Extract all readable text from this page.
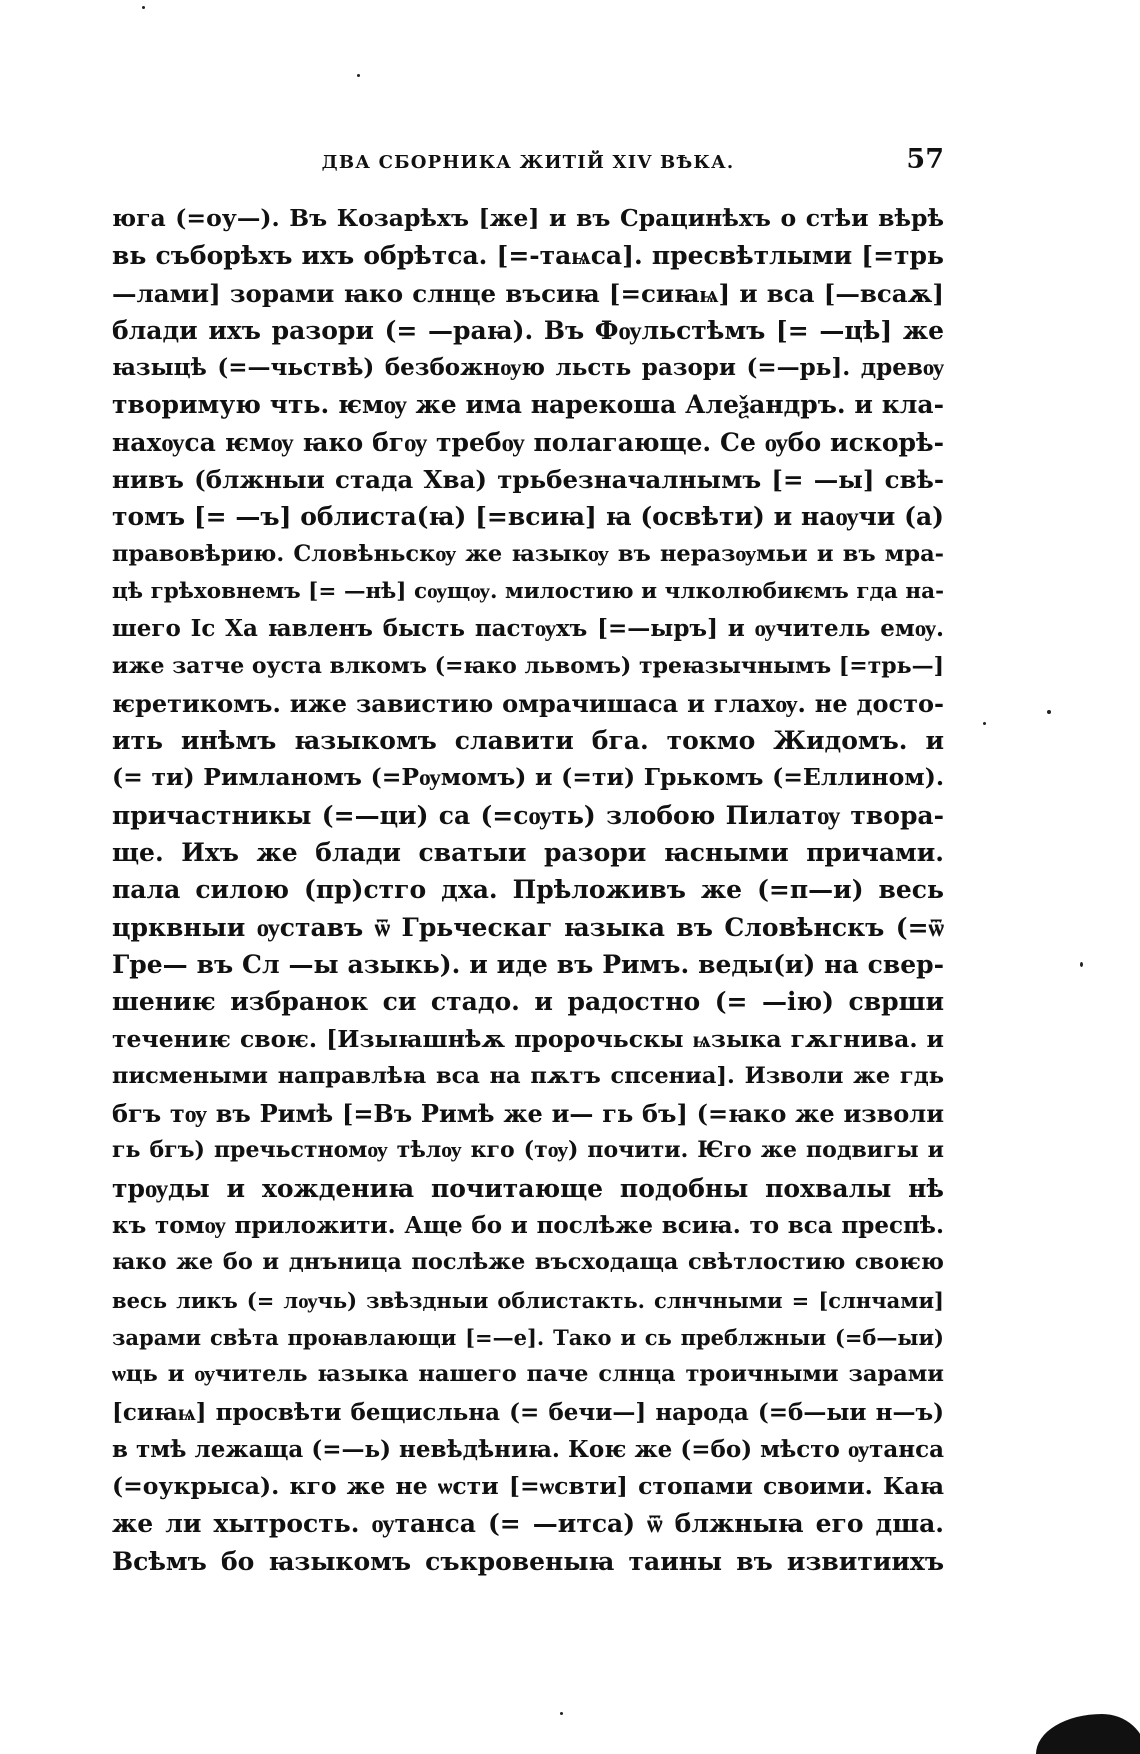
ДВА СБОРНИКА ЖИТІЙ XIV ВѢКА.	57
юга (=оу—). Въ Козарѣхъ [же] и въ Срацинѣхъ о стѣи вѣрѣ
вь съборѣхъ ихъ обрѣтса. [=-таѩса]. пресвѣтлыми [=трь
—лами] зорами ꙗко слнце въсиꙗ [=сиꙗѩ] и вса [—всаѫ]
блади ихъ разори (= —раꙗ). Въ Фѹльстѣмъ [= —цѣ] же
ꙗзыцѣ (=—чьствѣ) безбожнѹю льсть разори (=—рь]. древѹ
творимую чть. ѥмѹ же има нарекоша Алеѯандръ. и кла-
нахѹса ѥмѹ ꙗко бгѹ требѹ полагающе. Се ѹбо искорѣ-
нивъ (блжныи стада Хва) трьбезначалнымъ [= —ы] свѣ-
томъ [= —ъ] облиста(ꙗ) [=всиꙗ] ꙗ (освѣти) и наѹчи (а)
правовѣрию. Словѣньскѹ же ꙗзыкѹ въ неразѹмьи и въ мра-
цѣ грѣховнемъ [= —нѣ] сѹщѹ. милостию и члколюбиѥмъ гда на-
шего Іс Ха ꙗвленъ бысть пастѹхъ [=—ыръ] и ѹчитель емѹ.
иже затче оуста влкомъ (=ꙗко львомъ) треꙗзычнымъ [=трь—]
ѥретикомъ. иже завистию омрачишаса и глахѹ. не досто-
ить инѣмъ ꙗзыкомъ славити бга. токмо Жидомъ. и
(= ти) Римланомъ (=Рѹмомъ) и (=ти) Грькомъ (=Еллином).
причастникы (=—ци) са (=сѹть) злобою Пилатѹ твора-
ще. Ихъ же блади сватыи разори ꙗсными причами.
пала силою (пр)стго дха. Прѣложивъ же (=п—и) весь
црквныи ѹставъ ѿ Грьческаг ꙗзыка въ Словѣнскъ (=ѿ
Гре— въ Сл —ы азыкь). и иде въ Римъ. веды(и) на свер-
шениѥ избранок си стадо. и радостно (= —ію) сврши
течениѥ своѥ. [Изыꙗшнѣѫ пророчьскы ѩзыка гѫгнива. и
писмеными направлѣꙗ вса на пѫтъ спсениа]. Изволи же гдь
бгъ тѹ въ Римѣ [=Въ Римѣ же и— гь бъ] (=ꙗко же изволи
гь бгъ) пречьстномѹ тѣлѹ кго (тѹ) почити. Ѥго же подвигы и
трѹды и хождениꙗ почитающе подобны похвалы нѣ
къ томѹ приложити. Аще бо и послѣже всиꙗ. то вса преспѣ.
ꙗко же бо и днъница послѣже въсходаща свѣтлостию своѥю
весь ликъ (= лѹчь) звѣздныи облистакть. слнчными = [слнчами]
зарами свѣта проꙗвлающи [=—е]. Тако и сь преблжныи (=б—ыи)
ѡць и ѹчитель ꙗзыка нашего паче слнца троичными зарами
[сиꙗѩ] просвѣти бещисльна (= бечи—] народа (=б—ыи н—ъ)
в тмѣ лежаща (=—ь) невѣдѣниꙗ. Коѥ же (=бо) мѣсто ѹтанса
(=оукрыса). кго же не ѡсти [=ѡсвти] стопами своими. Каꙗ
же ли хытрость. ѹтанса (= —итса) ѿ блжныꙗ его дша.
Всѣмъ бо ꙗзыкомъ съкровеныꙗ таины въ извитиихъ
